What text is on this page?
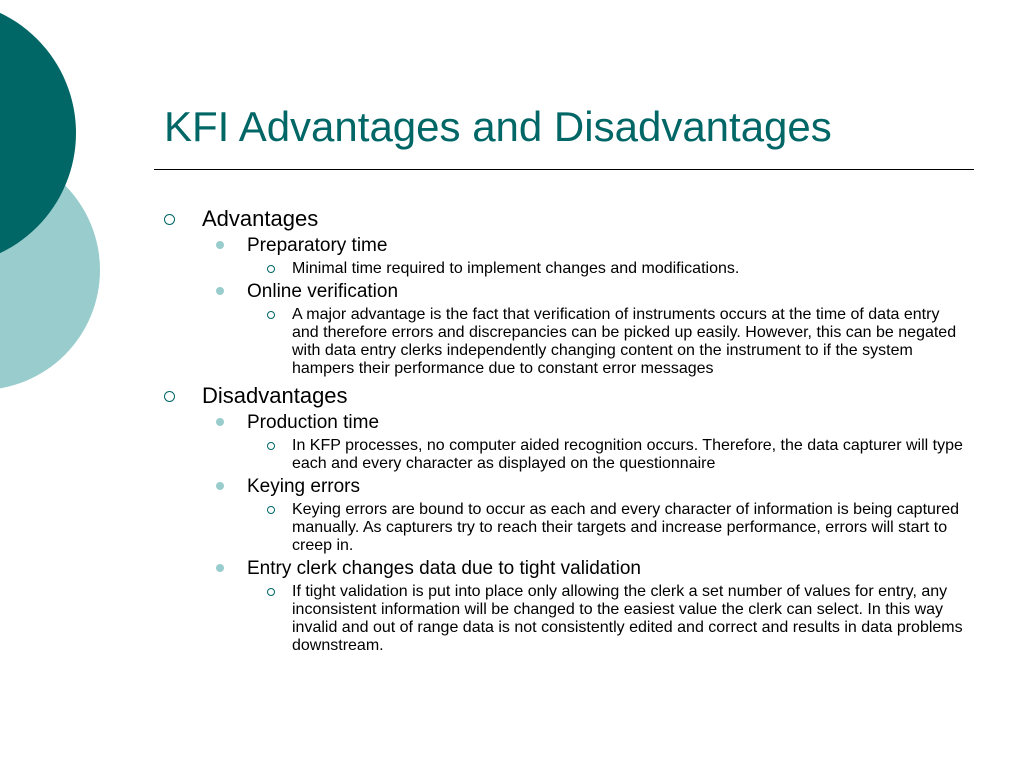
KFI Advantages and Disadvantages
Advantages
Preparatory time
Minimal time required to implement changes and modifications.
Online verification
A major advantage is the fact that verification of instruments occurs at the time of data entry and therefore errors and discrepancies can be picked up easily. However, this can be negated with data entry clerks independently changing content on the instrument to if the system hampers their performance due to constant error messages
Disadvantages
Production time
In KFP processes, no computer aided recognition occurs. Therefore, the data capturer will type each and every character as displayed on the questionnaire
Keying errors
Keying errors are bound to occur as each and every character of information is being captured manually. As capturers try to reach their targets and increase performance, errors will start to creep in.
Entry clerk changes data due to tight validation
If tight validation is put into place only allowing the clerk a set number of values for entry, any inconsistent information will be changed to the easiest value the clerk can select. In this way invalid and out of range data is not consistently edited and correct and results in data problems downstream.
